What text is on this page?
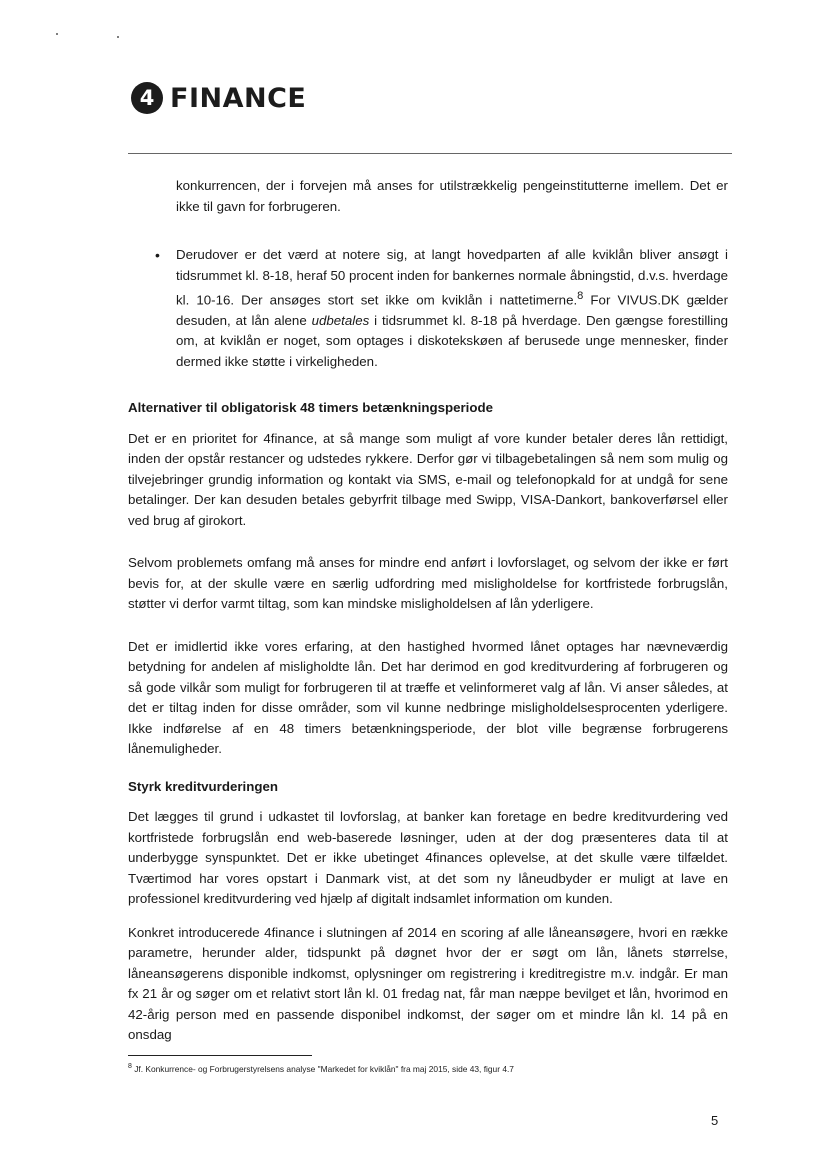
4 FINANCE

konkurrencen, der i forvejen må anses for utilstrækkelig pengeinstitutterne imellem. Det er ikke til gavn for forbrugeren.

•	Derudover er det værd at notere sig, at langt hovedparten af alle kviklån bliver ansøgt i tidsrummet kl. 8-18, heraf 50 procent inden for bankernes normale åbningstid, d.v.s. hverdage kl. 10-16. Der ansøges stort set ikke om kviklån i nattetimerne.$^8$ For VIVUS.DK gælder desuden, at lån alene udbetales i tidsrummet kl. 8-18 på hverdage. Den gængse forestilling om, at kviklån er noget, som optages i diskotekskøen af berusede unge mennesker, finder dermed ikke støtte i virkeligheden.

Alternativer til obligatorisk 48 timers betænkningsperiode

Det er en prioritet for 4finance, at så mange som muligt af vore kunder betaler deres lån rettidigt, inden der opstår restancer og udstedes rykkere. Derfor gør vi tilbagebetalingen så nem som mulig og tilvejebringer grundig information og kontakt via SMS, e-mail og telefonopkald for at undgå for sene betalinger. Der kan desuden betales gebyrfrit tilbage med Swipp, VISA-Dankort, bankoverførsel eller ved brug af girokort.

Selvom problemets omfang må anses for mindre end anført i lovforslaget, og selvom der ikke er ført bevis for, at der skulle være en særlig udfordring med misligholdelse for kortfristede forbrugslån, støtter vi derfor varmt tiltag, som kan mindske misligholdelsen af lån yderligere.

Det er imidlertid ikke vores erfaring, at den hastighed hvormed lånet optages har nævneværdig betydning for andelen af misligholdte lån. Det har derimod en god kreditvurdering af forbrugeren og så gode vilkår som muligt for forbrugeren til at træffe et velinformeret valg af lån. Vi anser således, at det er tiltag inden for disse områder, som vil kunne nedbringe misligholdelsesprocenten yderligere. Ikke indførelse af en 48 timers betænkningsperiode, der blot ville begrænse forbrugerens lånemuligheder.

Styrk kreditvurderingen

Det lægges til grund i udkastet til lovforslag, at banker kan foretage en bedre kreditvurdering ved kortfristede forbrugslån end web-baserede løsninger, uden at der dog præsenteres data til at underbygge synspunktet. Det er ikke ubetinget 4finances oplevelse, at det skulle være tilfældet. Tværtimod har vores opstart i Danmark vist, at det som ny låneudbyder er muligt at lave en professionel kreditvurdering ved hjælp af digitalt indsamlet information om kunden.

Konkret introducerede 4finance i slutningen af 2014 en scoring af alle låneansøgere, hvori en række parametre, herunder alder, tidspunkt på døgnet hvor der er søgt om lån, lånets størrelse, låneansøgerens disponible indkomst, oplysninger om registrering i kreditregistre m.v. indgår. Er man fx 21 år og søger om et relativt stort lån kl. 01 fredag nat, får man næppe bevilget et lån, hvorimod en 42-årig person med en passende disponibel indkomst, der søger om et mindre lån kl. 14 på en onsdag

$^8$ Jf. Konkurrence- og Forbrugerstyrelsens analyse "Markedet for kviklån" fra maj 2015, side 43, figur 4.7
5
